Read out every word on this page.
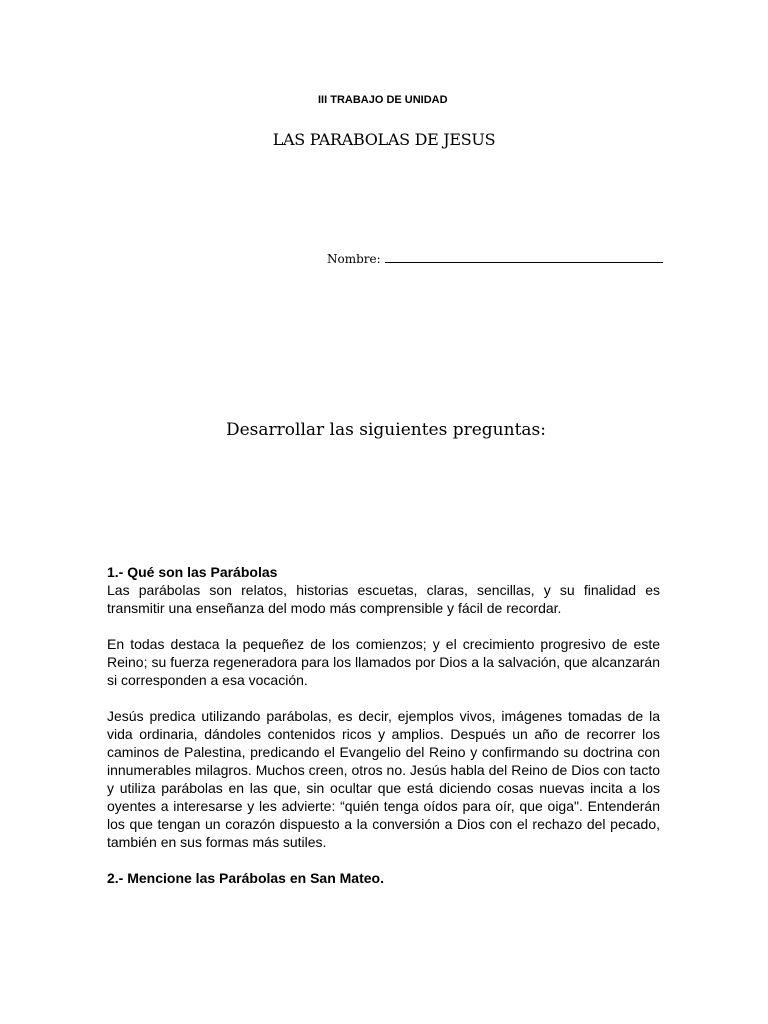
III TRABAJO DE UNIDAD
LAS PARABOLAS DE JESUS
Nombre:
Desarrollar las siguientes preguntas:

1.- Qué son las Parábolas

Las parábolas son relatos, historias escuetas, claras, sencillas, y su finalidad es transmitir una enseñanza del modo más comprensible y fácil de recordar.

En todas destaca la pequeñez de los comienzos; y el crecimiento progresivo de este Reino; su fuerza regeneradora para los llamados por Dios a la salvación, que alcanzarán si corresponden a esa vocación.

Jesús predica utilizando parábolas, es decir, ejemplos vivos, imágenes tomadas de la vida ordinaria, dándoles contenidos ricos y amplios. Después un año de recorrer los caminos de Palestina, predicando el Evangelio del Reino y confirmando su doctrina con innumerables milagros. Muchos creen, otros no. Jesús habla del Reino de Dios con tacto y utiliza parábolas en las que, sin ocultar que está diciendo cosas nuevas incita a los oyentes a interesarse y les advierte: “quién tenga oídos para oír, que oiga". Entenderán los que tengan un corazón dispuesto a la conversión a Dios con el rechazo del pecado, también en sus formas más sutiles.

2.- Mencione las Parábolas en San Mateo.
